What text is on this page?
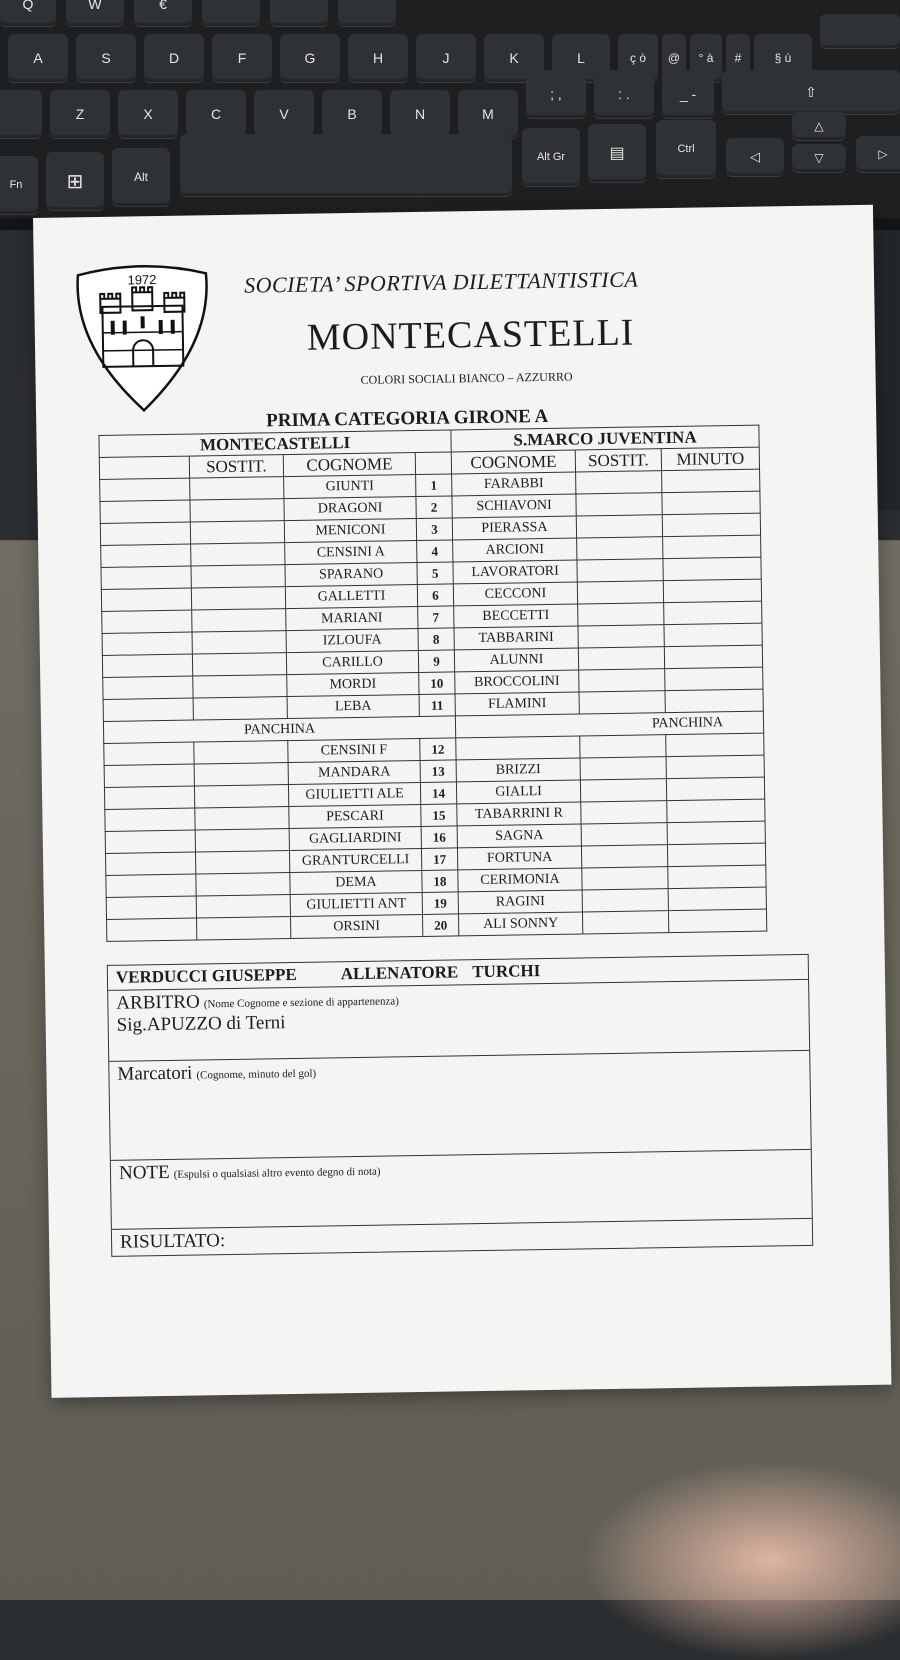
Q	W	€
A	S	D	F	G	H	J	K	L	ç ò @ ° à #	§ ù
Z	X	C	V	B	N	M
; ,	: .	_ -	⇧
Fn ⊞	Alt
Alt Gr	▤	Ctrl	◁
△
▽	▷
1972	SOCIETA’ SPORTIVA DILETTANTISTICA
MONTECASTELLI
COLORI SOCIALI BIANCO – AZZURRO
PRIMA CATEGORIA GIRONE A
MONTECASTELLI				S.MARCO JUVENTINA		
	SOSTIT.	COGNOME		COGNOME	SOSTIT.	MINUTO
		GIUNTI	1	FARABBI		
		DRAGONI	2	SCHIAVONI		
		MENICONI	3	PIERASSA		
		CENSINI A	4	ARCIONI		
		SPARANO	5	LAVORATORI		
		GALLETTI	6	CECCONI		
		MARIANI	7	BECCETTI		
		IZLOUFA	8	TABBARINI		
		CARILLO	9	ALUNNI		
		MORDI	10	BROCCOLINI		
		LEBA	11	FLAMINI		
PANCHINA				PANCHINA		
		CENSINI F	12			
		MANDARA	13	BRIZZI		
		GIULIETTI ALE	14	GIALLI		
		PESCARI	15	TABARRINI R		
		GAGLIARDINI	16	SAGNA		
		GRANTURCELLI	17	FORTUNA		
		DEMA	18	CERIMONIA		
		GIULIETTI ANT	19	RAGINI		
		ORSINI	20	ALI SONNY		
VERDUCCI GIUSEPPE	ALLENATORE TURCHI
ARBITRO (Nome Cognome e sezione di appartenenza)
Sig.APUZZO di Terni
Marcatori (Cognome, minuto del gol)
NOTE (Espulsi o qualsiasi altro evento degno di nota)
RISULTATO:
